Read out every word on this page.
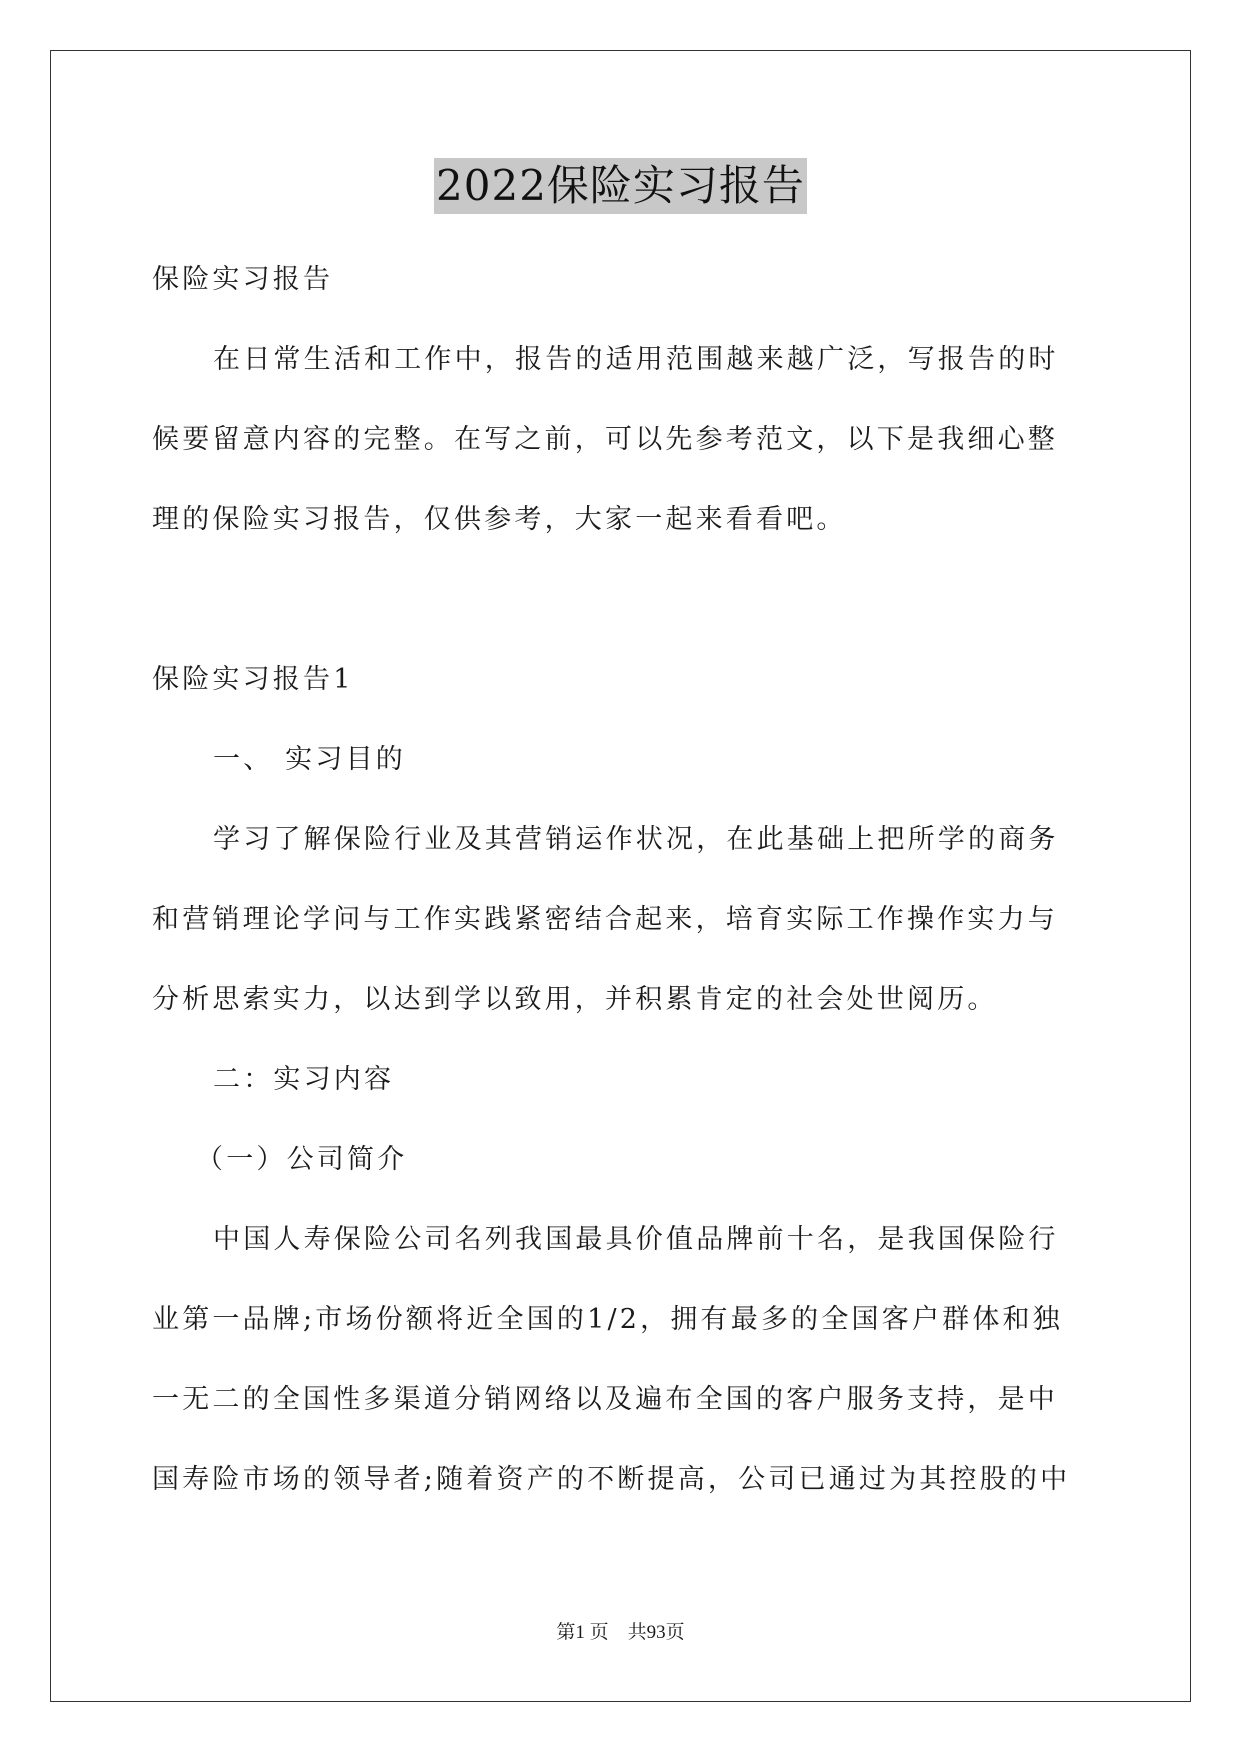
2022保险实习报告

保险实习报告

在日常生活和工作中，报告的适用范围越来越广泛，写报告的时

候要留意内容的完整。在写之前，可以先参考范文，以下是我细心整

理的保险实习报告，仅供参考，大家一起来看看吧。

保险实习报告1

一、 实习目的

学习了解保险行业及其营销运作状况，在此基础上把所学的商务

和营销理论学问与工作实践紧密结合起来，培育实际工作操作实力与

分析思索实力，以达到学以致用，并积累肯定的社会处世阅历。

二：实习内容

（一）公司简介

中国人寿保险公司名列我国最具价值品牌前十名，是我国保险行

业第一品牌;市场份额将近全国的1/2，拥有最多的全国客户群体和独

一无二的全国性多渠道分销网络以及遍布全国的客户服务支持，是中

国寿险市场的领导者;随着资产的不断提高，公司已通过为其控股的中

第1 页 共93页
